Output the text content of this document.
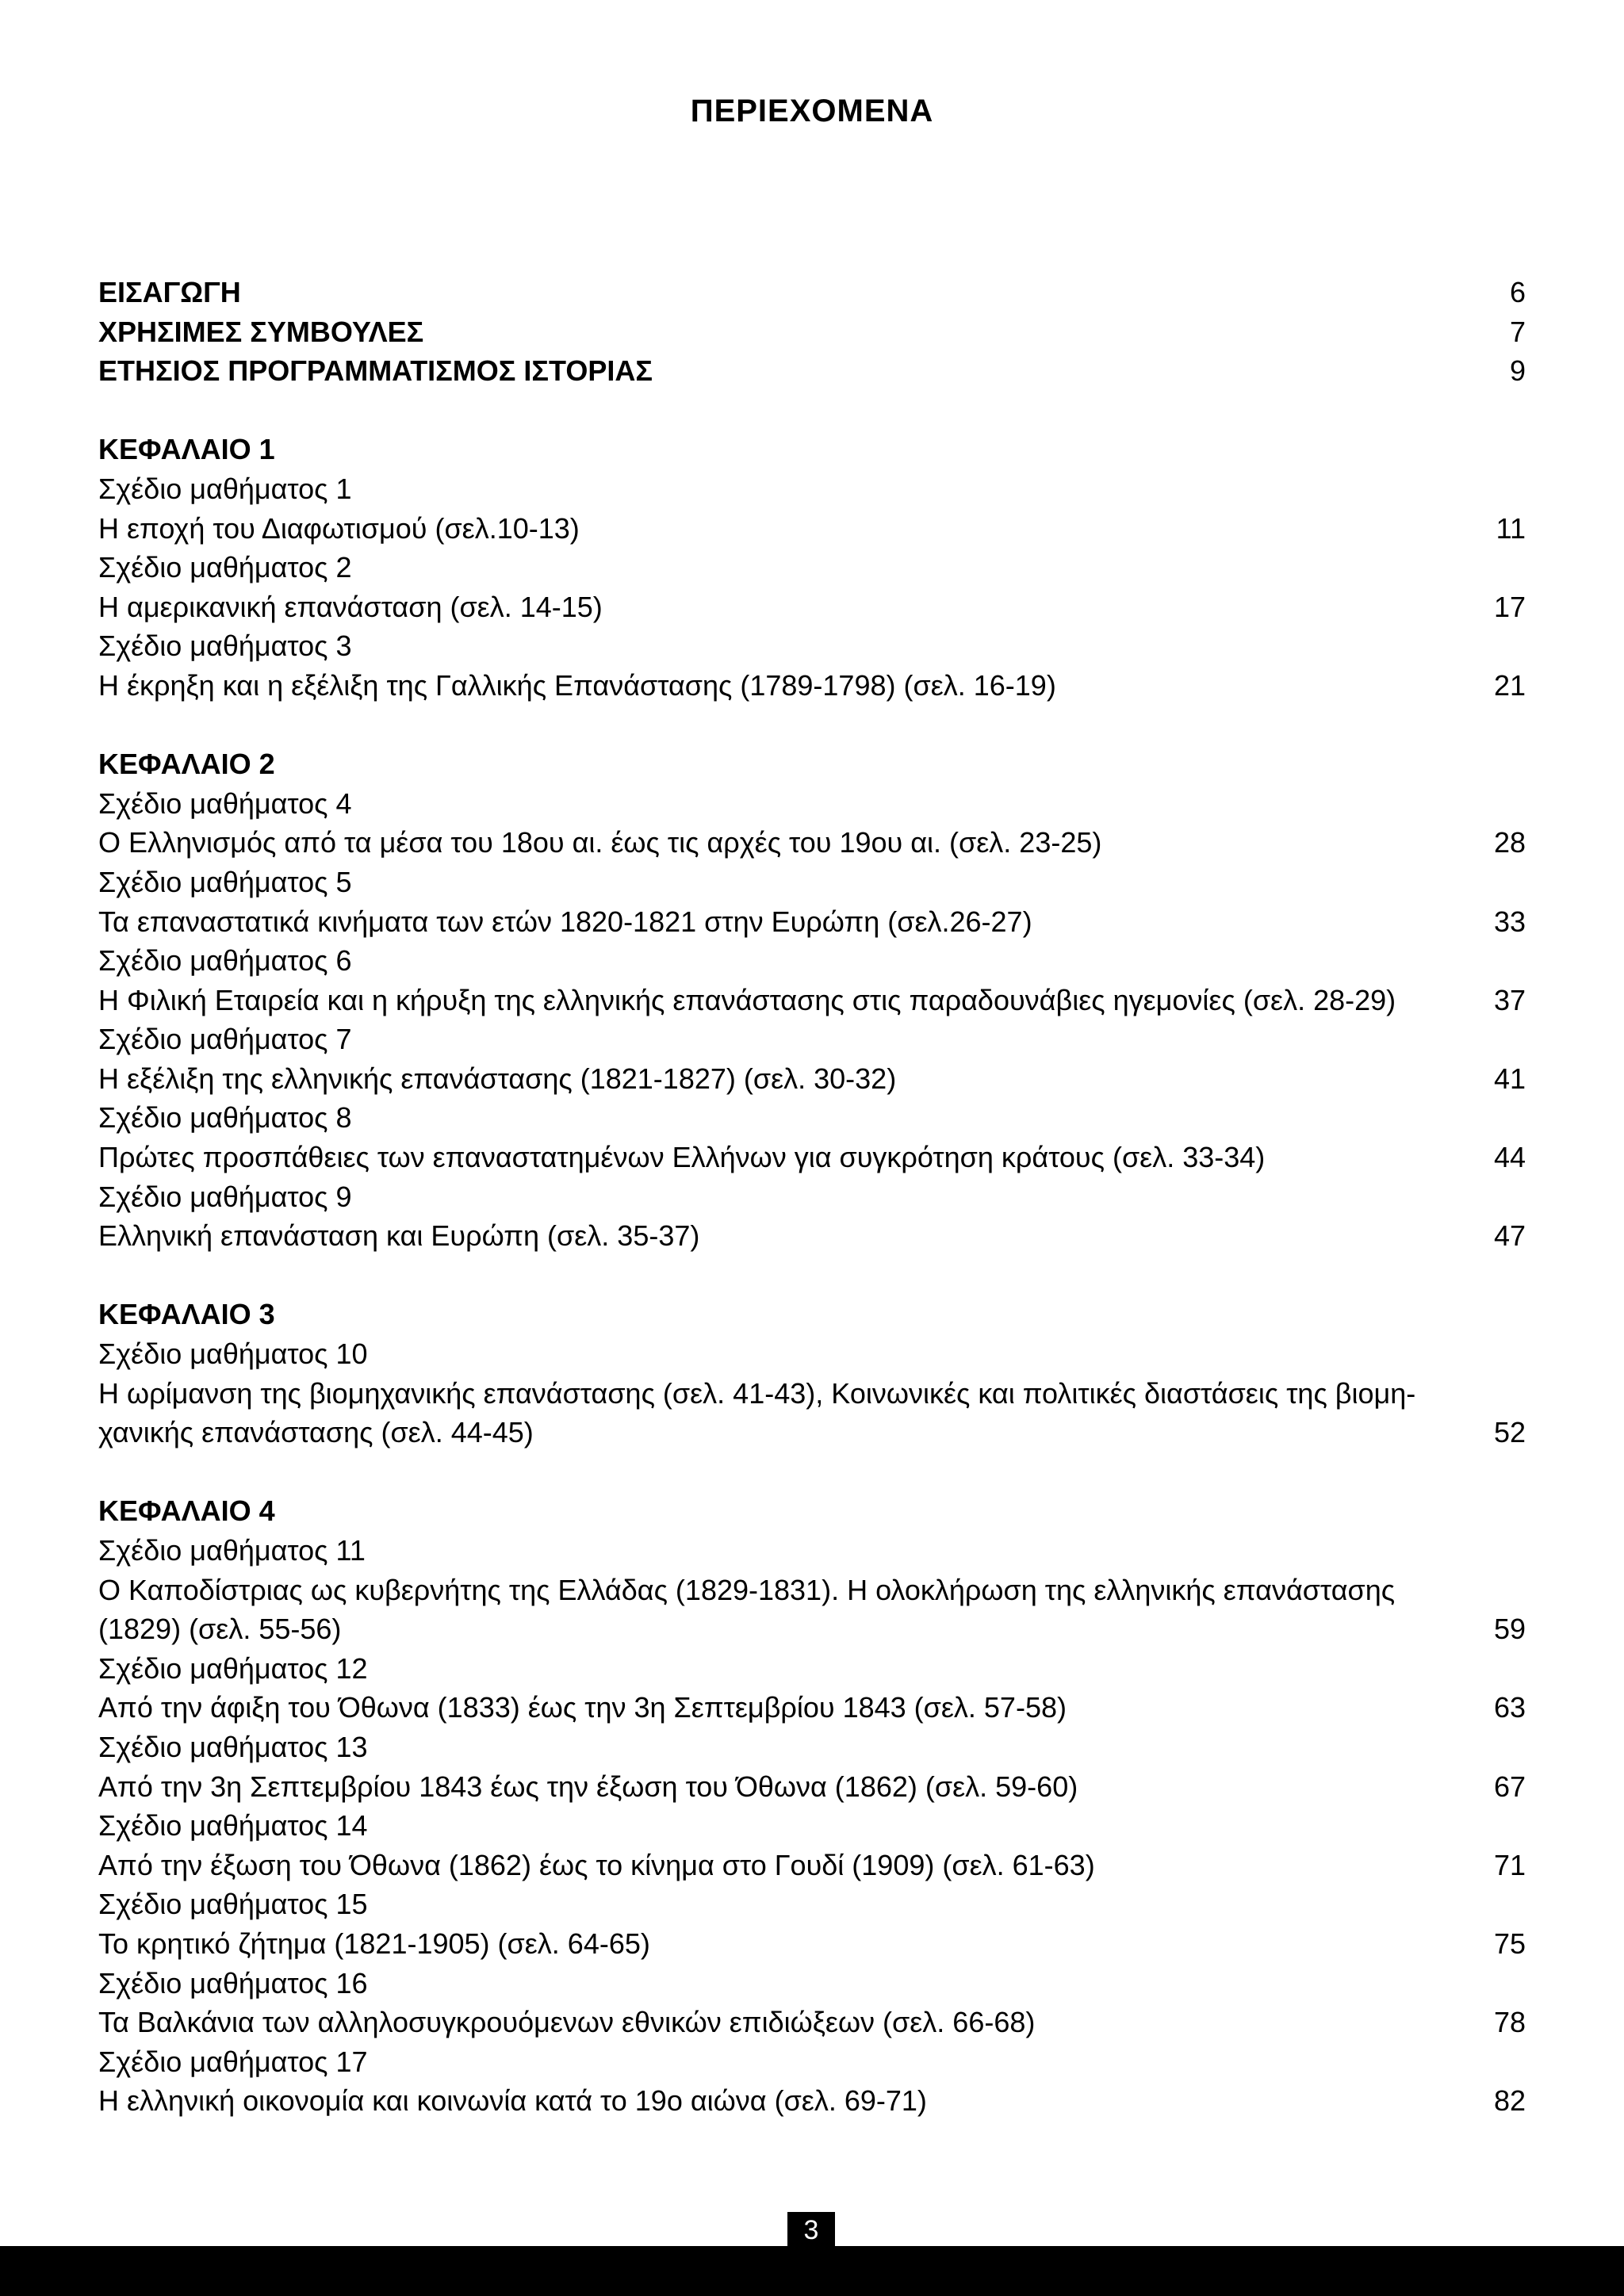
ΠΕΡΙΕΧΟΜΕΝΑ
ΕΙΣΑΓΩΓΗ	6
ΧΡΗΣΙΜΕΣ ΣΥΜΒΟΥΛΕΣ	7
ΕΤΗΣΙΟΣ ΠΡΟΓΡΑΜΜΑΤΙΣΜΟΣ ΙΣΤΟΡΙΑΣ	9
ΚΕΦΑΛΑΙΟ 1
Σχέδιο μαθήματος 1
Η εποχή του Διαφωτισμού (σελ.10-13)	11
Σχέδιο μαθήματος 2
Η αμερικανική επανάσταση (σελ. 14-15)	17
Σχέδιο μαθήματος 3
Η έκρηξη και η εξέλιξη της Γαλλικής Επανάστασης (1789-1798) (σελ. 16-19)	21
ΚΕΦΑΛΑΙΟ 2
Σχέδιο μαθήματος 4
Ο Ελληνισμός από τα μέσα του 18ου αι. έως τις αρχές του 19ου αι. (σελ. 23-25)	28
Σχέδιο μαθήματος 5
Τα επαναστατικά κινήματα των ετών 1820-1821 στην Ευρώπη (σελ.26-27)	33
Σχέδιο μαθήματος 6
Η Φιλική Εταιρεία και η κήρυξη της ελληνικής επανάστασης στις παραδουνάβιες ηγεμονίες (σελ. 28-29)	37
Σχέδιο μαθήματος 7
Η εξέλιξη της ελληνικής επανάστασης (1821-1827) (σελ. 30-32)	41
Σχέδιο μαθήματος 8
Πρώτες προσπάθειες των επαναστατημένων Ελλήνων για συγκρότηση κράτους (σελ. 33-34)	44
Σχέδιο μαθήματος 9
Ελληνική επανάσταση και Ευρώπη (σελ. 35-37)	47
ΚΕΦΑΛΑΙΟ 3
Σχέδιο μαθήματος 10
Η ωρίμανση της βιομηχανικής επανάστασης (σελ. 41-43), Κοινωνικές και πολιτικές διαστάσεις της βιομη-
χανικής επανάστασης (σελ. 44-45)	52
ΚΕΦΑΛΑΙΟ 4
Σχέδιο μαθήματος 11
Ο Καποδίστριας ως κυβερνήτης της Ελλάδας (1829-1831). Η ολοκλήρωση της ελληνικής επανάστασης
(1829) (σελ. 55-56)	59
Σχέδιο μαθήματος 12
Από την άφιξη του Όθωνα (1833) έως την 3η Σεπτεμβρίου 1843 (σελ. 57-58)	63
Σχέδιο μαθήματος 13
Από την 3η Σεπτεμβρίου 1843 έως την έξωση του Όθωνα (1862) (σελ. 59-60)	67
Σχέδιο μαθήματος 14
Από την έξωση του Όθωνα (1862) έως το κίνημα στο Γουδί (1909) (σελ. 61-63)	71
Σχέδιο μαθήματος 15
Το κρητικό ζήτημα (1821-1905) (σελ. 64-65)	75
Σχέδιο μαθήματος 16
Τα Βαλκάνια των αλληλοσυγκρουόμενων εθνικών επιδιώξεων (σελ. 66-68)	78
Σχέδιο μαθήματος 17
Η ελληνική οικονομία και κοινωνία κατά το 19ο αιώνα (σελ. 69-71)	82
3
